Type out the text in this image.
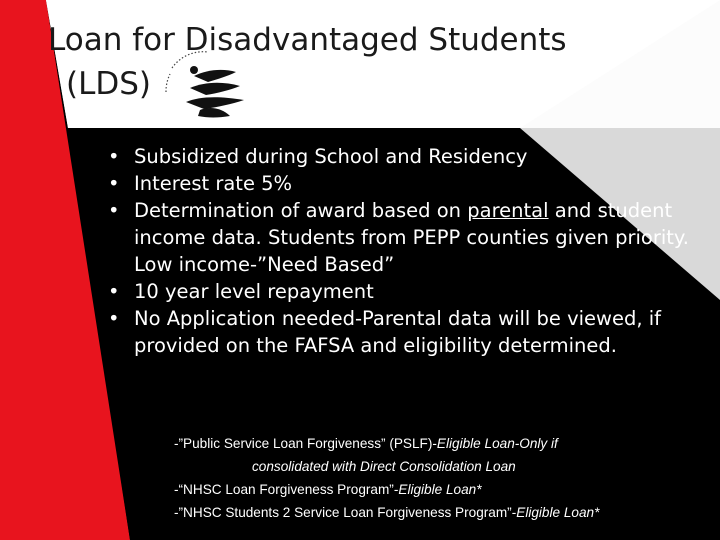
Loan for Disadvantaged Students
(LDS)
• Subsidized during School and Residency
• Interest rate 5%
• Determination of award based on parental and student income data. Students from PEPP counties given priority. Low income-”Need Based”
• 10 year level repayment
• No Application needed-Parental data will be viewed, if provided on the FAFSA and eligibility determined.
-”Public Service Loan Forgiveness” (PSLF)-Eligible Loan-Only if
consolidated with Direct Consolidation Loan
-“NHSC Loan Forgiveness Program”-Eligible Loan*
-”NHSC Students 2 Service Loan Forgiveness Program”-Eligible Loan*
